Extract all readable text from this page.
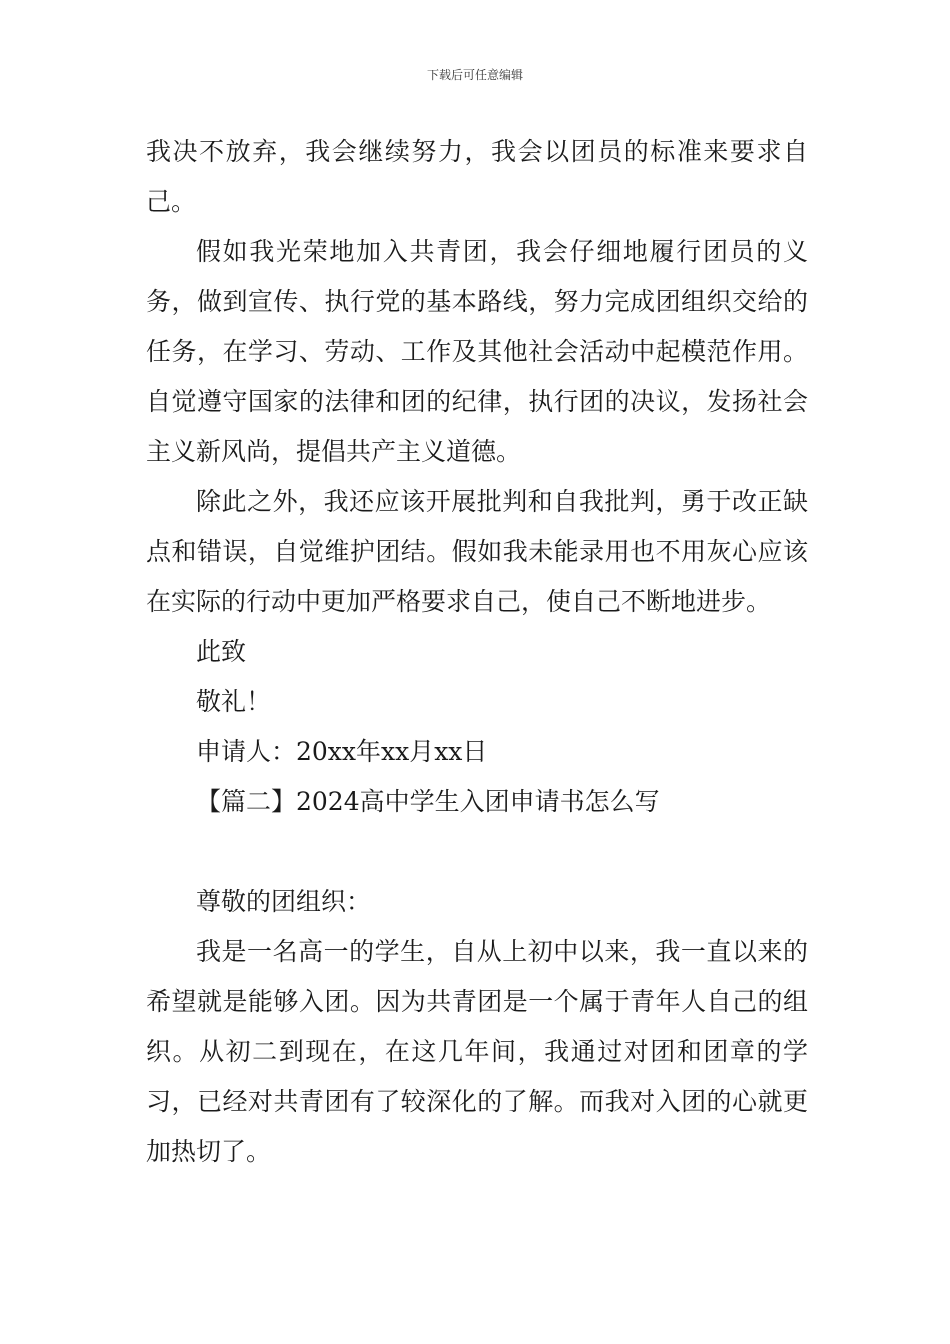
下载后可任意编辑

我决不放弃，我会继续努力，我会以团员的标准来要求自己。

假如我光荣地加入共青团，我会仔细地履行团员的义务，做到宣传、执行党的基本路线，努力完成团组织交给的任务，在学习、劳动、工作及其他社会活动中起模范作用。自觉遵守国家的法律和团的纪律，执行团的决议，发扬社会主义新风尚，提倡共产主义道德。

除此之外，我还应该开展批判和自我批判，勇于改正缺点和错误，自觉维护团结。假如我未能录用也不用灰心应该在实际的行动中更加严格要求自己，使自己不断地进步。

此致

敬礼！

申请人：20xx年xx月xx日

【篇二】2024高中学生入团申请书怎么写

尊敬的团组织：

我是一名高一的学生，自从上初中以来，我一直以来的希望就是能够入团。因为共青团是一个属于青年人自己的组织。从初二到现在，在这几年间，我通过对团和团章的学习，已经对共青团有了较深化的了解。而我对入团的心就更加热切了。
